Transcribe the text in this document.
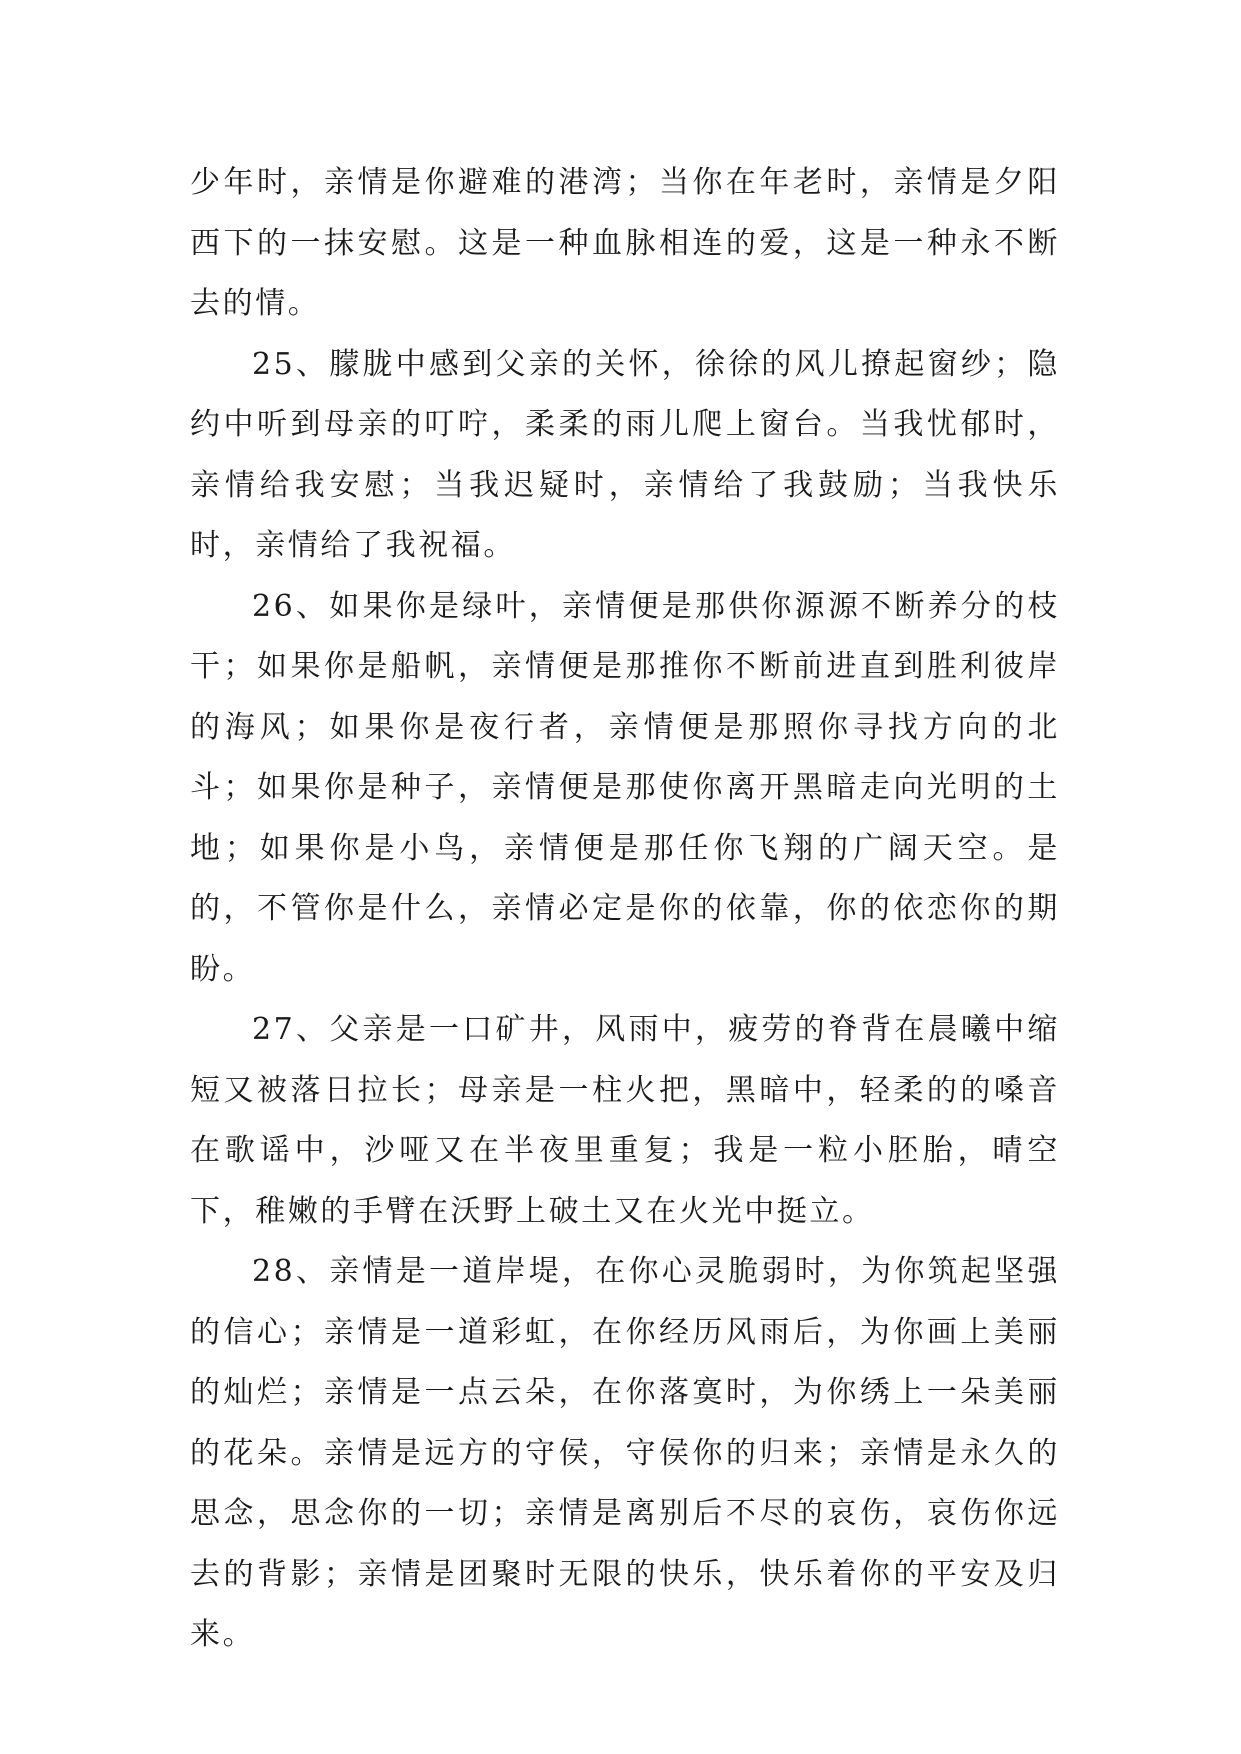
少年时，亲情是你避难的港湾；当你在年老时，亲情是夕阳西下的一抹安慰。这是一种血脉相连的爱，这是一种永不断去的情。

25、朦胧中感到父亲的关怀，徐徐的风儿撩起窗纱；隐约中听到母亲的叮咛，柔柔的雨儿爬上窗台。当我忧郁时，亲情给我安慰；当我迟疑时，亲情给了我鼓励；当我快乐时，亲情给了我祝福。

26、如果你是绿叶，亲情便是那供你源源不断养分的枝干；如果你是船帆，亲情便是那推你不断前进直到胜利彼岸的海风；如果你是夜行者，亲情便是那照你寻找方向的北斗；如果你是种子，亲情便是那使你离开黑暗走向光明的土地；如果你是小鸟，亲情便是那任你飞翔的广阔天空。是的，不管你是什么，亲情必定是你的依靠，你的依恋你的期盼。

27、父亲是一口矿井，风雨中，疲劳的脊背在晨曦中缩短又被落日拉长；母亲是一柱火把，黑暗中，轻柔的的嗓音在歌谣中，沙哑又在半夜里重复；我是一粒小胚胎，晴空下，稚嫩的手臂在沃野上破土又在火光中挺立。

28、亲情是一道岸堤，在你心灵脆弱时，为你筑起坚强的信心；亲情是一道彩虹，在你经历风雨后，为你画上美丽的灿烂；亲情是一点云朵，在你落寞时，为你绣上一朵美丽的花朵。亲情是远方的守侯，守侯你的归来；亲情是永久的思念，思念你的一切；亲情是离别后不尽的哀伤，哀伤你远去的背影；亲情是团聚时无限的快乐，快乐着你的平安及归来。
